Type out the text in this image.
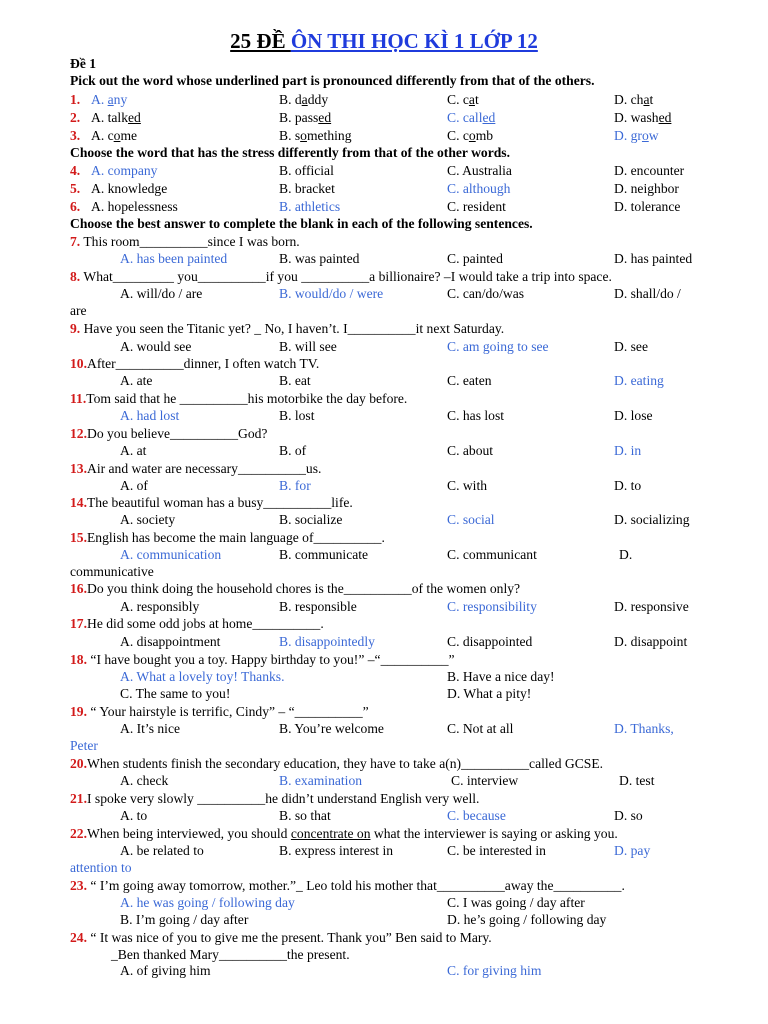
25 ĐỀ ÔN THI HỌC KÌ 1 LỚP 12
Đề 1
Pick out the word whose underlined part is pronounced differently from that of the others.
1. A. any	B. daddy	C. cat	D. chat
2. A. talked	B. passed	C. called	D. washed
3. A. come	B. something	C. comb	D. grow
Choose the word that has the stress differently from that of the other words.
4. A. company	B. official	C. Australia	D. encounter
5. A. knowledge	B. bracket	C. although	D. neighbor
6. A. hopelessness	B. athletics	C. resident	D. tolerance
Choose the best answer to complete the blank in each of the following sentences.
7. This room__________since I was born.
A. has been painted	B. was painted	C. painted	D. has painted
8. What_________ you__________if you __________a billionaire? –I would take a trip into space.
A. will/do / are	B. would/do / were	C. can/do/was	D. shall/do /
are
9. Have you seen the Titanic yet? _ No, I haven’t. I__________it next Saturday.
A. would see	B. will see	C. am going to see	D. see
10.After__________dinner, I often watch TV.
A. ate	B. eat	C. eaten	D. eating
11.Tom said that he __________his motorbike the day before.
A. had lost	B. lost	C. has lost	D. lose
12.Do you believe__________God?
A. at	B. of	C. about	D. in
13.Air and water are necessary__________us.
A. of	B. for	C. with	D. to
14.The beautiful woman has a busy__________life.
A. society	B. socialize	C. social	D. socializing
15.English has become the main language of__________.
A. communication	B. communicate	C. communicant	D.
communicative
16.Do you think doing the household chores is the__________of the women only?
A. responsibly	B. responsible	C. responsibility	D. responsive
17.He did some odd jobs at home__________.
A. disappointment	B. disappointedly	C. disappointed	D. disappoint
18. “I have bought you a toy. Happy birthday to you!” –“__________”
A. What a lovely toy! Thanks.	B. Have a nice day!
C. The same to you!	D. What a pity!
19. “ Your hairstyle is terrific, Cindy” – “__________”
A. It’s nice	B. You’re welcome	C. Not at all	D. Thanks,
Peter
20.When students finish the secondary education, they have to take a(n)__________called GCSE.
A. check	B. examination	C. interview	D. test
21.I spoke very slowly __________he didn’t understand English very well.
A. to	B. so that	C. because	D. so
22.When being interviewed, you should concentrate on what the interviewer is saying or asking you.
A. be related to	B. express interest in	C. be interested in	D. pay
attention to
23. “ I’m going away tomorrow, mother.”_ Leo told his mother that__________away the__________.
A. he was going / following day	C. I was going / day after
B. I’m going / day after	D. he’s going / following day
24. “ It was nice of you to give me the present. Thank you” Ben said to Mary.
_Ben thanked Mary__________the present.
A. of giving him	C. for giving him
